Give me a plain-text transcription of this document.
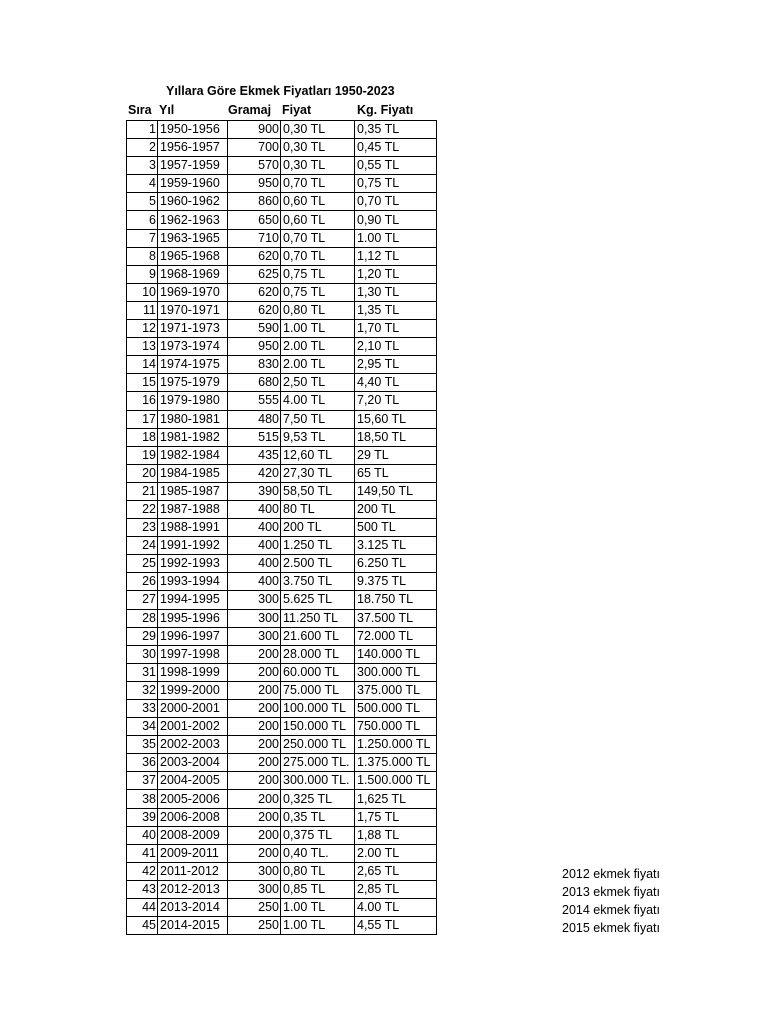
Yıllara Göre Ekmek Fiyatları 1950-2023
Sıra Yıl	Gramaj Fiyat	Kg. Fiyatı
1	1950-1956	900	0,30 TL	0,35 TL
2	1956-1957	700	0,30 TL	0,45 TL
3	1957-1959	570	0,30 TL	0,55 TL
4	1959-1960	950	0,70 TL	0,75 TL
5	1960-1962	860	0,60 TL	0,70 TL
6	1962-1963	650	0,60 TL	0,90 TL
7	1963-1965	710	0,70 TL	1.00 TL
8	1965-1968	620	0,70 TL	1,12 TL
9	1968-1969	625	0,75 TL	1,20 TL
10	1969-1970	620	0,75 TL	1,30 TL
11	1970-1971	620	0,80 TL	1,35 TL
12	1971-1973	590	1.00 TL	1,70 TL
13	1973-1974	950	2.00 TL	2,10 TL
14	1974-1975	830	2.00 TL	2,95 TL
15	1975-1979	680	2,50 TL	4,40 TL
16	1979-1980	555	4.00 TL	7,20 TL
17	1980-1981	480	7,50 TL	15,60 TL
18	1981-1982	515	9,53 TL	18,50 TL
19	1982-1984	435	12,60 TL	29 TL
20	1984-1985	420	27,30 TL	65 TL
21	1985-1987	390	58,50 TL	149,50 TL
22	1987-1988	400	80 TL	200 TL
23	1988-1991	400	200 TL	500 TL
24	1991-1992	400	1.250 TL	3.125 TL
25	1992-1993	400	2.500 TL	6.250 TL
26	1993-1994	400	3.750 TL	9.375 TL
27	1994-1995	300	5.625 TL	18.750 TL
28	1995-1996	300	11.250 TL	37.500 TL
29	1996-1997	300	21.600 TL	72.000 TL
30	1997-1998	200	28.000 TL	140.000 TL
31	1998-1999	200	60.000 TL	300.000 TL
32	1999-2000	200	75.000 TL	375.000 TL
33	2000-2001	200	100.000 TL	500.000 TL
34	2001-2002	200	150.000 TL	750.000 TL
35	2002-2003	200	250.000 TL	1.250.000 TL
36	2003-2004	200	275.000 TL.	1.375.000 TL
37	2004-2005	200	300.000 TL.	1.500.000 TL
38	2005-2006	200	0,325 TL	1,625 TL
39	2006-2008	200	0,35 TL	1,75 TL
40	2008-2009	200	0,375 TL	1,88 TL
41	2009-2011	200	0,40 TL.	2.00 TL
42	2011-2012	300	0,80 TL	2,65 TL
43	2012-2013	300	0,85 TL	2,85 TL
44	2013-2014	250	1.00 TL	4.00 TL
45	2014-2015	250	1.00 TL	4,55 TL
2012 ekmek fiyatı
2013 ekmek fiyatı
2014 ekmek fiyatı
2015 ekmek fiyatı
